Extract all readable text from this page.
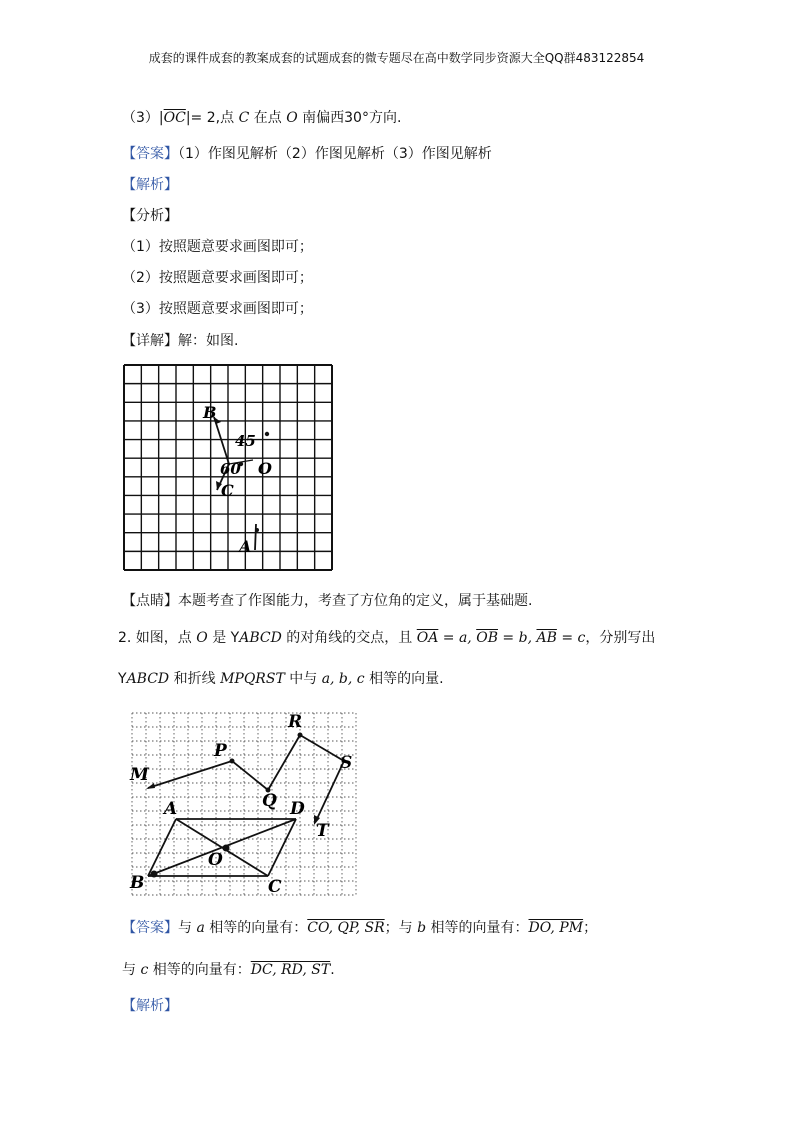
成套的课件成套的教案成套的试题成套的微专题尽在高中数学同步资源大全QQ群483122854
$(3)|\overline{OC}|= 2$,点 C 在点 O 南偏西30°方向.
【答案】（1）作图见解析（2）作图见解析（3）作图见解析
【解析】
【分析】
（1）按照题意要求画图即可；
（2）按照题意要求画图即可；
（3）按照题意要求画图即可；
【详解】解：如图.
B
45
60 O
C
A
【点睛】本题考查了作图能力，考查了方位角的定义，属于基础题.
2. 如图，点 O 是 YABCD 的对角线的交点，且 $\overline{OA} = a$, $\overline{OB} = b$, $\overline{AB} = c$，分别写出
YABCD 和折线 MPQRST 中与 a, b, c 相等的向量.
M
P
R
S
Q
T
A	D
O
B	C
【答案】与 a 相等的向量有：CO, QP, SR；与 b 相等的向量有：DO, PM；
与 c 相等的向量有：DC, RD, ST.
【解析】
